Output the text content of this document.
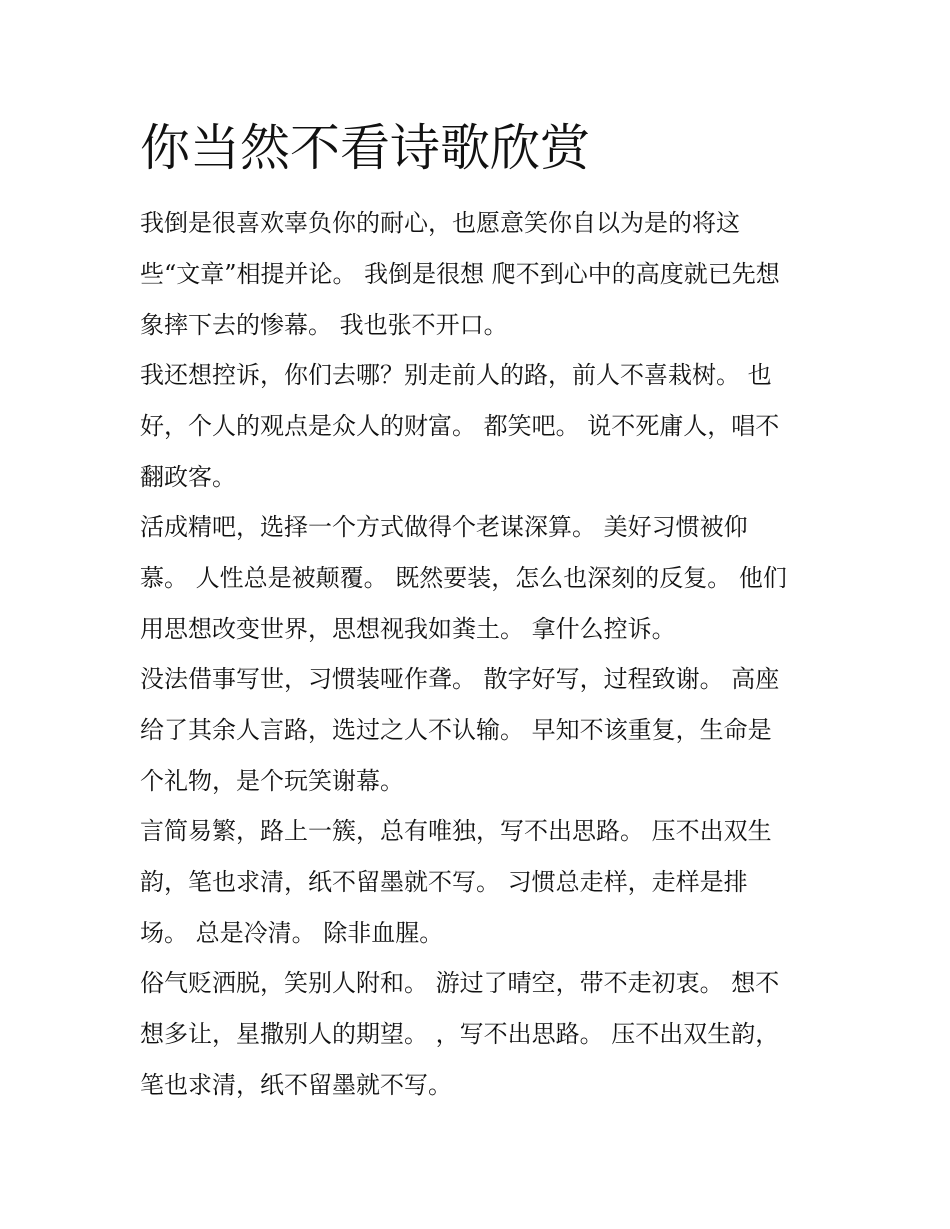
你当然不看诗歌欣赏
我倒是很喜欢辜负你的耐心，也愿意笑你自以为是的将这
些“文章”相提并论。 我倒是很想 爬不到心中的高度就已先想
象摔下去的惨幕。 我也张不开口。
我还想控诉，你们去哪？别走前人的路，前人不喜栽树。 也
好，个人的观点是众人的财富。 都笑吧。 说不死庸人，唱不
翻政客。
活成精吧，选择一个方式做得个老谋深算。 美好习惯被仰
慕。 人性总是被颠覆。 既然要装，怎么也深刻的反复。 他们
用思想改变世界，思想视我如粪土。 拿什么控诉。
没法借事写世，习惯装哑作聋。 散字好写，过程致谢。 高座
给了其余人言路，选过之人不认输。 早知不该重复，生命是
个礼物，是个玩笑谢幕。
言简易繁，路上一簇，总有唯独，写不出思路。 压不出双生
韵，笔也求清，纸不留墨就不写。 习惯总走样，走样是排
场。 总是冷清。 除非血腥。
俗气贬洒脱，笑别人附和。 游过了晴空，带不走初衷。 想不
想多让，星撒别人的期望。 ，写不出思路。 压不出双生韵，
笔也求清，纸不留墨就不写。
